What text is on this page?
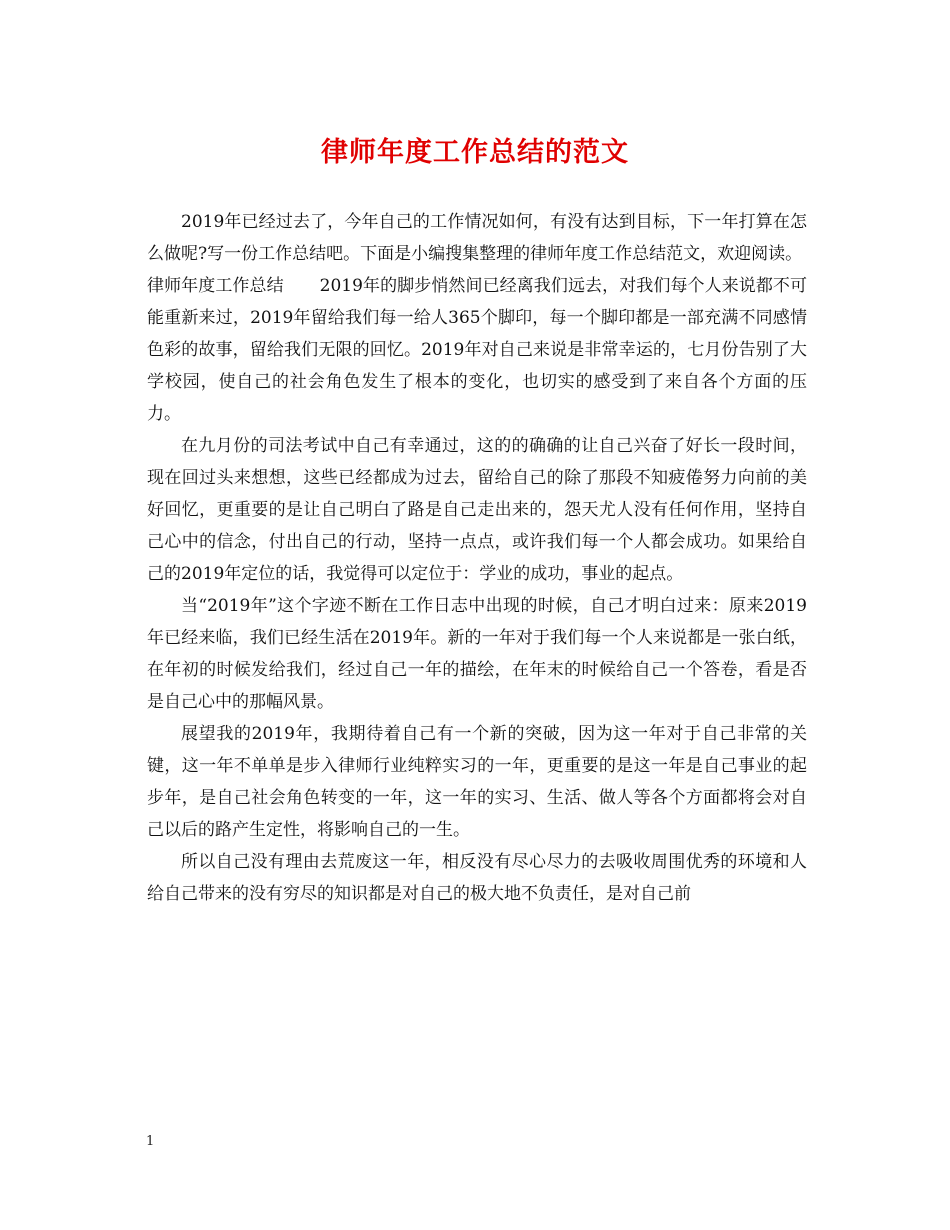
律师年度工作总结的范文

2019年已经过去了，今年自己的工作情况如何，有没有达到目标，下一年打算在怎么做呢?写一份工作总结吧。下面是小编搜集整理的律师年度工作总结范文，欢迎阅读。

律师年度工作总结 2019年的脚步悄然间已经离我们远去，对我们每个人来说都不可能重新来过，2019年留给我们每一给人365个脚印，每一个脚印都是一部充满不同感情色彩的故事，留给我们无限的回忆。2019年对自己来说是非常幸运的，七月份告别了大学校园，使自己的社会角色发生了根本的变化，也切实的感受到了来自各个方面的压力。

在九月份的司法考试中自己有幸通过，这的的确确的让自己兴奋了好长一段时间，现在回过头来想想，这些已经都成为过去，留给自己的除了那段不知疲倦努力向前的美好回忆，更重要的是让自己明白了路是自己走出来的，怨天尤人没有任何作用，坚持自己心中的信念，付出自己的行动，坚持一点点，或许我们每一个人都会成功。如果给自己的2019年定位的话，我觉得可以定位于：学业的成功，事业的起点。

当“2019年”这个字迹不断在工作日志中出现的时候，自己才明白过来：原来2019年已经来临，我们已经生活在2019年。新的一年对于我们每一个人来说都是一张白纸，在年初的时候发给我们，经过自己一年的描绘，在年末的时候给自己一个答卷，看是否是自己心中的那幅风景。

展望我的2019年，我期待着自己有一个新的突破，因为这一年对于自己非常的关键，这一年不单单是步入律师行业纯粹实习的一年，更重要的是这一年是自己事业的起步年，是自己社会角色转变的一年，这一年的实习、生活、做人等各个方面都将会对自己以后的路产生定性，将影响自己的一生。

所以自己没有理由去荒废这一年，相反没有尽心尽力的去吸收周围优秀的环境和人给自己带来的没有穷尽的知识都是对自己的极大地不负责任，是对自己前

1
